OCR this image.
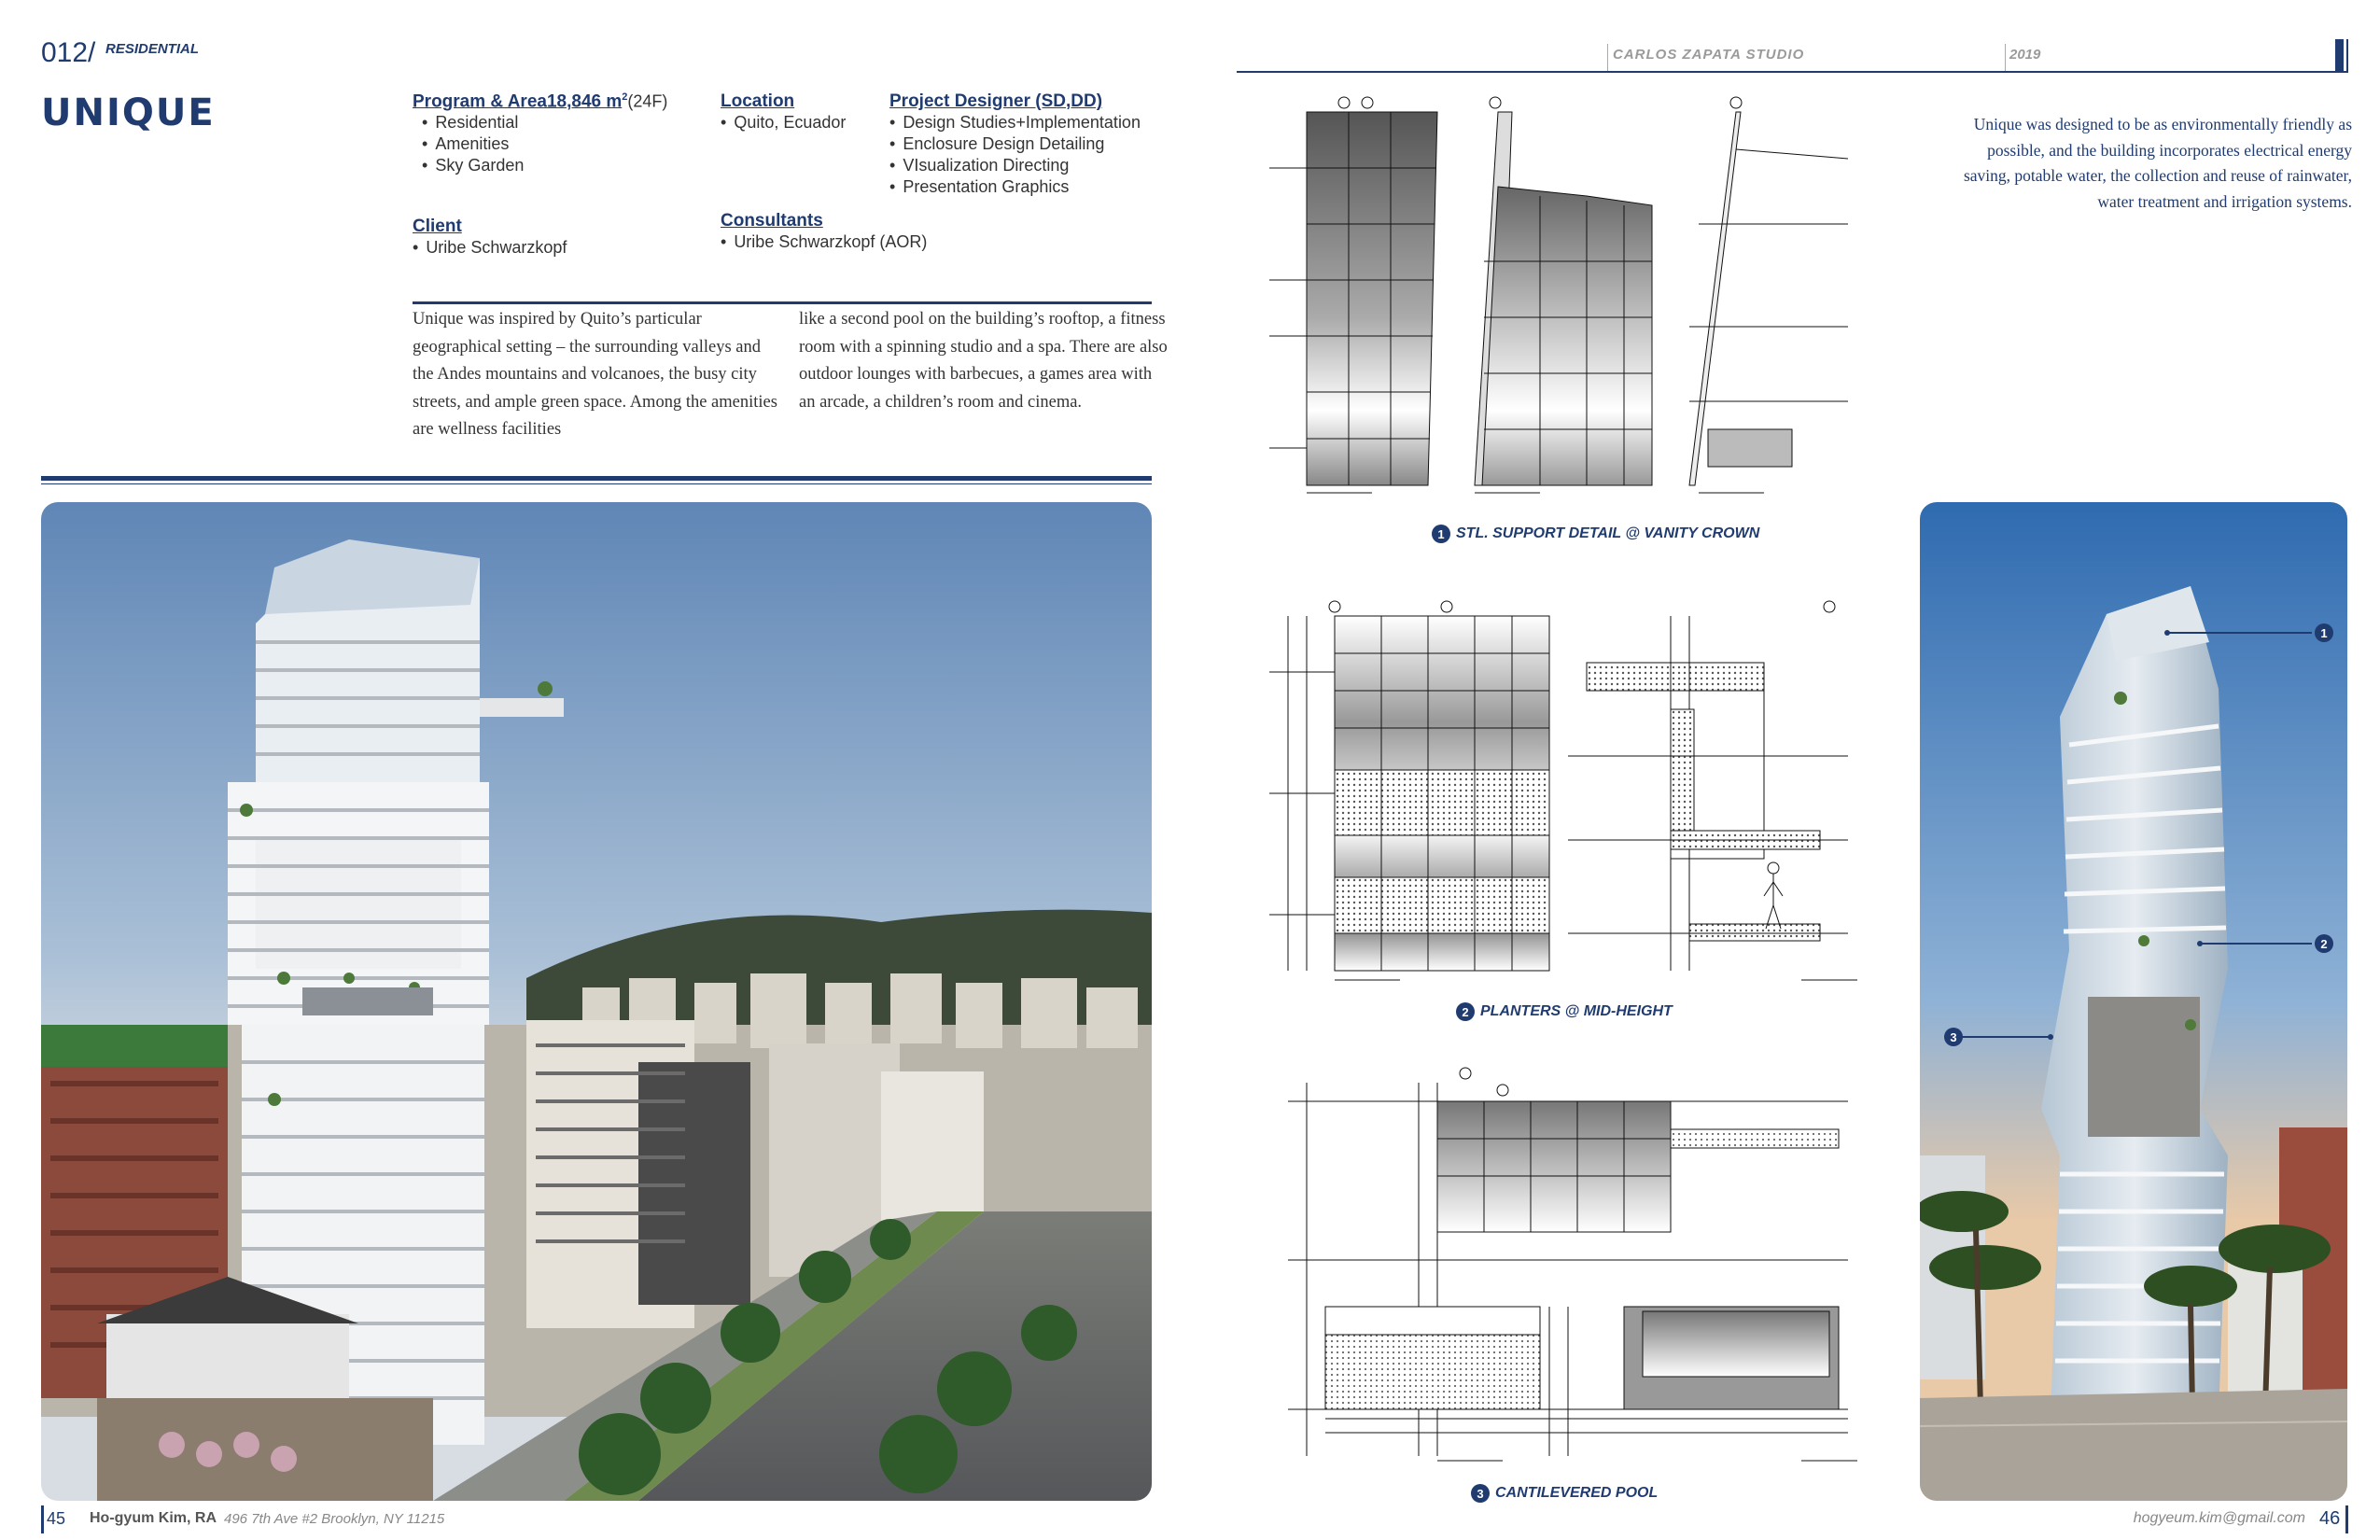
012/ RESIDENTIAL
UNIQUE	Program & Area18,846 $m^2(24F)$
• Residential
• Amenities
• Sky Garden
Location
• Quito, Ecuador
Project Designer (SD,DD)
• Design Studies+Implementation
• Enclosure Design Detailing
• VIsualization Directing
• Presentation Graphics
Client
• Uribe Schwarzkopf
Consultants
• Uribe Schwarzkopf (AOR)
Unique was inspired by Quito’s particular geographical setting – the surrounding valleys and the Andes mountains and volcanoes, the busy city streets, and ample green space. Among the amenities are wellness facilities
like a second pool on the building’s rooftop, a fitness room with a spinning studio and a spa. There are also outdoor lounges with barbecues, a games area with an arcade, a children’s room and cinema.
CARLOS ZAPATA STUDIO	2019
Unique was designed to be as environmentally friendly as possible, and the building incorporates electrical energy saving, potable water, the collection and reuse of rainwater, water treatment and irrigation systems.
1 STL. SUPPORT DETAIL @ VANITY CROWN
2 PLANTERS @ MID-HEIGHT
3 CANTILEVERED POOL
1
2
3
45 Ho-gyum Kim, RA 496 7th Ave #2 Brooklyn, NY 11215	hogyeum.kim@gmail.com 46
